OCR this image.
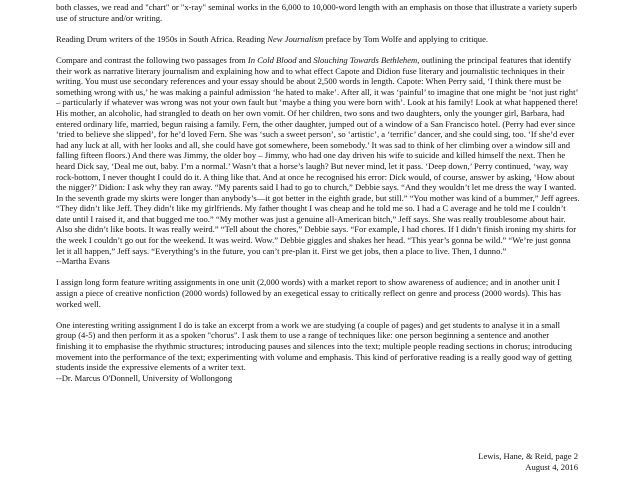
both classes, we read and "chart" or "x-ray" seminal works in the 6,000 to 10,000-word length with an emphasis on those that illustrate a variety superb use of structure and/or writing.

Reading Drum writers of the 1950s in South Africa. Reading New Journalism preface by Tom Wolfe and applying to critique.

Compare and contrast the following two passages from In Cold Blood and Slouching Towards Bethlehem, outlining the principal features that identify their work as narrative literary journalism and explaining how and to what effect Capote and Didion fuse literary and journalistic techniques in their writing. You must use secondary references and your essay should be about 2,500 words in length. Capote: When Perry said, ‘I think there must be something wrong with us,’ he was making a painful admission ‘he hated to make’. After all, it was ‘painful’ to imagine that one might be ‘not just right’ – particularly if whatever was wrong was not your own fault but ‘maybe a thing you were born with’. Look at his family! Look at what happened there! His mother, an alcoholic, had strangled to death on her own vomit. Of her children, two sons and two daughters, only the younger girl, Barbara, had entered ordinary life, married, begun raising a family. Fern, the other daughter, jumped out of a window of a San Francisco hotel. (Perry had ever since ‘tried to believe she slipped’, for he’d loved Fern. She was ‘such a sweet person’, so ‘artistic’, a ‘terrific’ dancer, and she could sing, too. ‘If she’d ever had any luck at all, with her looks and all, she could have got somewhere, been somebody.’ It was sad to think of her climbing over a window sill and falling fifteen floors.) And there was Jimmy, the older boy – Jimmy, who had one day driven his wife to suicide and killed himself the next. Then he heard Dick say, ‘Deal me out, baby. I’m a normal.’ Wasn’t that a horse’s laugh? But never mind, let it pass. ‘Deep down,’ Perry continued, ‘way, way rock-bottom, I never thought I could do it. A thing like that. And at once he recognised his error: Dick would, of course, answer by asking, ‘How about the nigger?’ Didion: I ask why they ran away. “My parents said I had to go to church,” Debbie says. “And they wouldn’t let me dress the way I wanted. In the seventh grade my skirts were longer than anybody’s—it got better in the eighth grade, but still.” “You mother was kind of a bummer,” Jeff agrees. “They didn’t like Jeff. They didn’t like my girlfriends. My father thought I was cheap and he told me so. I had a C average and he told me I couldn’t date until I raised it, and that bugged me too.” “My mother was just a genuine all-American bitch,” Jeff says. She was really troublesome about hair. Also she didn’t like boots. It was really weird.” “Tell about the chores,” Debbie says. “For example, I had chores. If I didn’t finish ironing my shirts for the week I couldn’t go out for the weekend. It was weird. Wow.” Debbie giggles and shakes her head. “This year’s gonna be wild.” “We’re just gonna let it all happen,” Jeff says. “Everything’s in the future, you can’t pre-plan it. First we get jobs, then a place to live. Then, I dunno.”

--Martha Evans

I assign long form feature writing assignments in one unit (2,000 words) with a market report to show awareness of audience; and in another unit I assign a piece of creative nonfiction (2000 words) followed by an exegetical essay to critically reflect on genre and process (2000 words). This has worked well.

One interesting writing assignment I do is take an excerpt from a work we are studying (a couple of pages) and get students to analyse it in a small group (4-5) and then perform it as a spoken "chorus". I ask them to use a range of techniques like: one person beginning a sentence and another finishing it to emphasise the rhythmic structures; introducing pauses and silences into the text; multiple people reading sections in chorus; introducing movement into the performance of the text; experimenting with volume and emphasis. This kind of perforative reading is a really good way of getting students inside the expressive elements of a writer text.

--Dr. Marcus O'Donnell, University of Wollongong

Lewis, Hane, & Reid, page 2
August 4, 2016
